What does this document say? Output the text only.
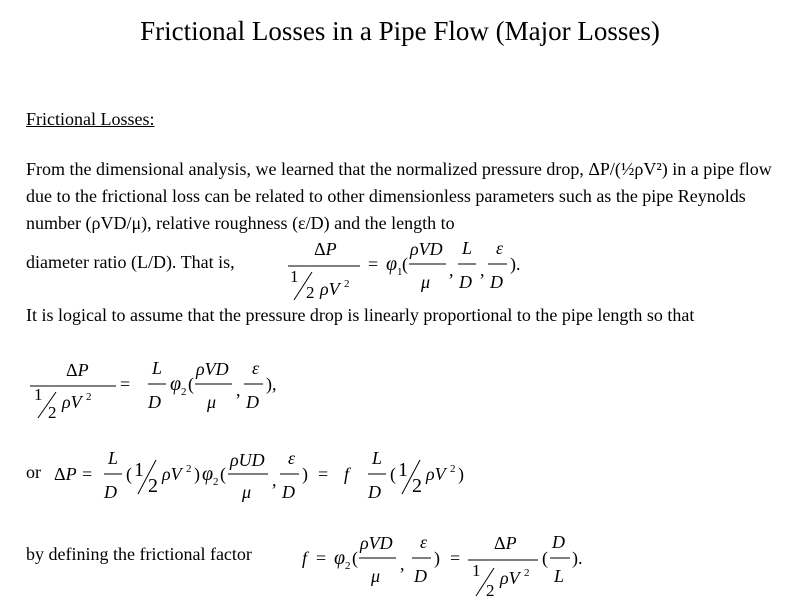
Frictional Losses in a Pipe Flow (Major Losses)
Frictional Losses:

From the dimensional analysis, we learned that the normalized pressure drop, ΔP/(½ρV²) in a pipe flow due to the frictional loss can be related to other dimensionless parameters such as the pipe Reynolds number (ρVD/μ), relative roughness (ε/D) and the length to

diameter ratio (L/D). That is,
ΔP
1
2 ρV 2
= φ 1 (
ρVD
μ
,
L
D
,
ε
D
).

It is logical to assume that the pressure drop is linearly proportional to the pipe length so that

ΔP
1
2
ρV 2
=
L
D
φ 2 (
ρVD
μ
,
ε
D
),
or ΔP =
L
D
( 1
2
ρV 2 ) φ 2 (
ρUD
μ
,
ε
D
) = f
L
D
( 1
2
ρV 2 )
by defining the frictional factor	f = φ 2 (
ρVD
μ
,
ε
D
) =
ΔP
1
2
ρV 2
(
D
L
).
